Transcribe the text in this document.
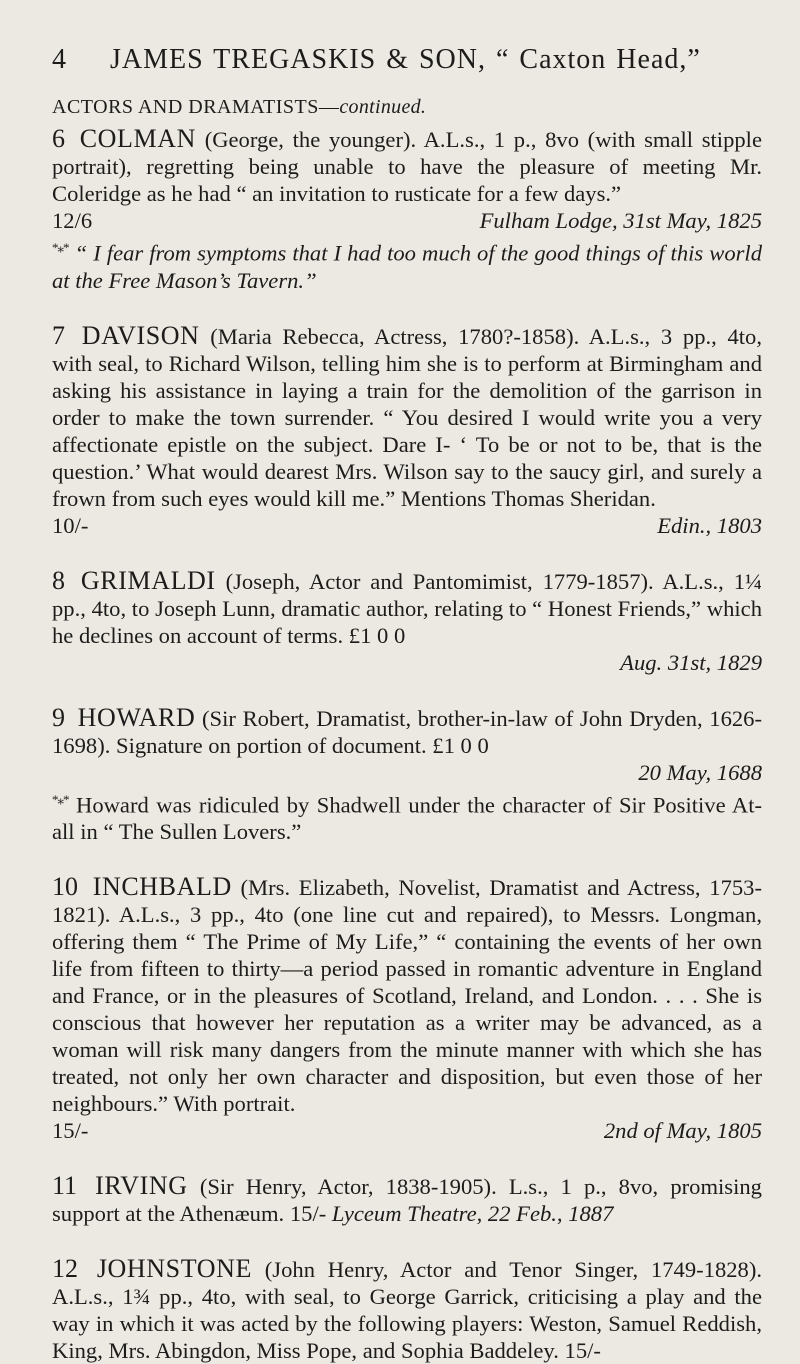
4 JAMES TREGASKIS & SON, “ Caxton Head,”
ACTORS AND DRAMATISTS—continued.
6 COLMAN (George, the younger). A.L.s., 1 p., 8vo (with small stipple portrait), regretting being unable to have the pleasure of meeting Mr. Coleridge as he had “ an invitation to rusticate for a few days.”
12/6	Fulham Lodge, 31st May, 1825
*⁎* “ I fear from symptoms that I had too much of the good things of this world at the Free Mason’s Tavern.”
7 DAVISON (Maria Rebecca, Actress, 1780?-1858). A.L.s., 3 pp., 4to, with seal, to Richard Wilson, telling him she is to perform at Birmingham and asking his assistance in laying a train for the demolition of the garrison in order to make the town surrender. “ You desired I would write you a very affectionate epistle on the subject. Dare I- ‘ To be or not to be, that is the question.’ What would dearest Mrs. Wilson say to the saucy girl, and surely a frown from such eyes would kill me.” Mentions Thomas Sheridan.
10/-	Edin., 1803
8 GRIMALDI (Joseph, Actor and Pantomimist, 1779-1857). A.L.s., 1¼ pp., 4to, to Joseph Lunn, dramatic author, relating to “ Honest Friends,” which he declines on account of terms. £1 0 0
Aug. 31st, 1829
9 HOWARD (Sir Robert, Dramatist, brother-in-law of John Dryden, 1626-1698). Signature on portion of document. £1 0 0
20 May, 1688
*⁎* Howard was ridiculed by Shadwell under the character of Sir Positive At-all in “ The Sullen Lovers.”
10 INCHBALD (Mrs. Elizabeth, Novelist, Dramatist and Actress, 1753-1821). A.L.s., 3 pp., 4to (one line cut and repaired), to Messrs. Longman, offering them “ The Prime of My Life,” “ containing the events of her own life from fifteen to thirty—a period passed in romantic adventure in England and France, or in the pleasures of Scotland, Ireland, and London. . . . She is conscious that however her reputation as a writer may be advanced, as a woman will risk many dangers from the minute manner with which she has treated, not only her own character and disposition, but even those of her neighbours.” With portrait.
15/-	2nd of May, 1805
11 IRVING (Sir Henry, Actor, 1838-1905). L.s., 1 p., 8vo, promising support at the Athenæum. 15/- Lyceum Theatre, 22 Feb., 1887
12 JOHNSTONE (John Henry, Actor and Tenor Singer, 1749-1828). A.L.s., 1¾ pp., 4to, with seal, to George Garrick, criticising a play and the way in which it was acted by the following players: Weston, Samuel Reddish, King, Mrs. Abingdon, Miss Pope, and Sophia Baddeley. 15/-
